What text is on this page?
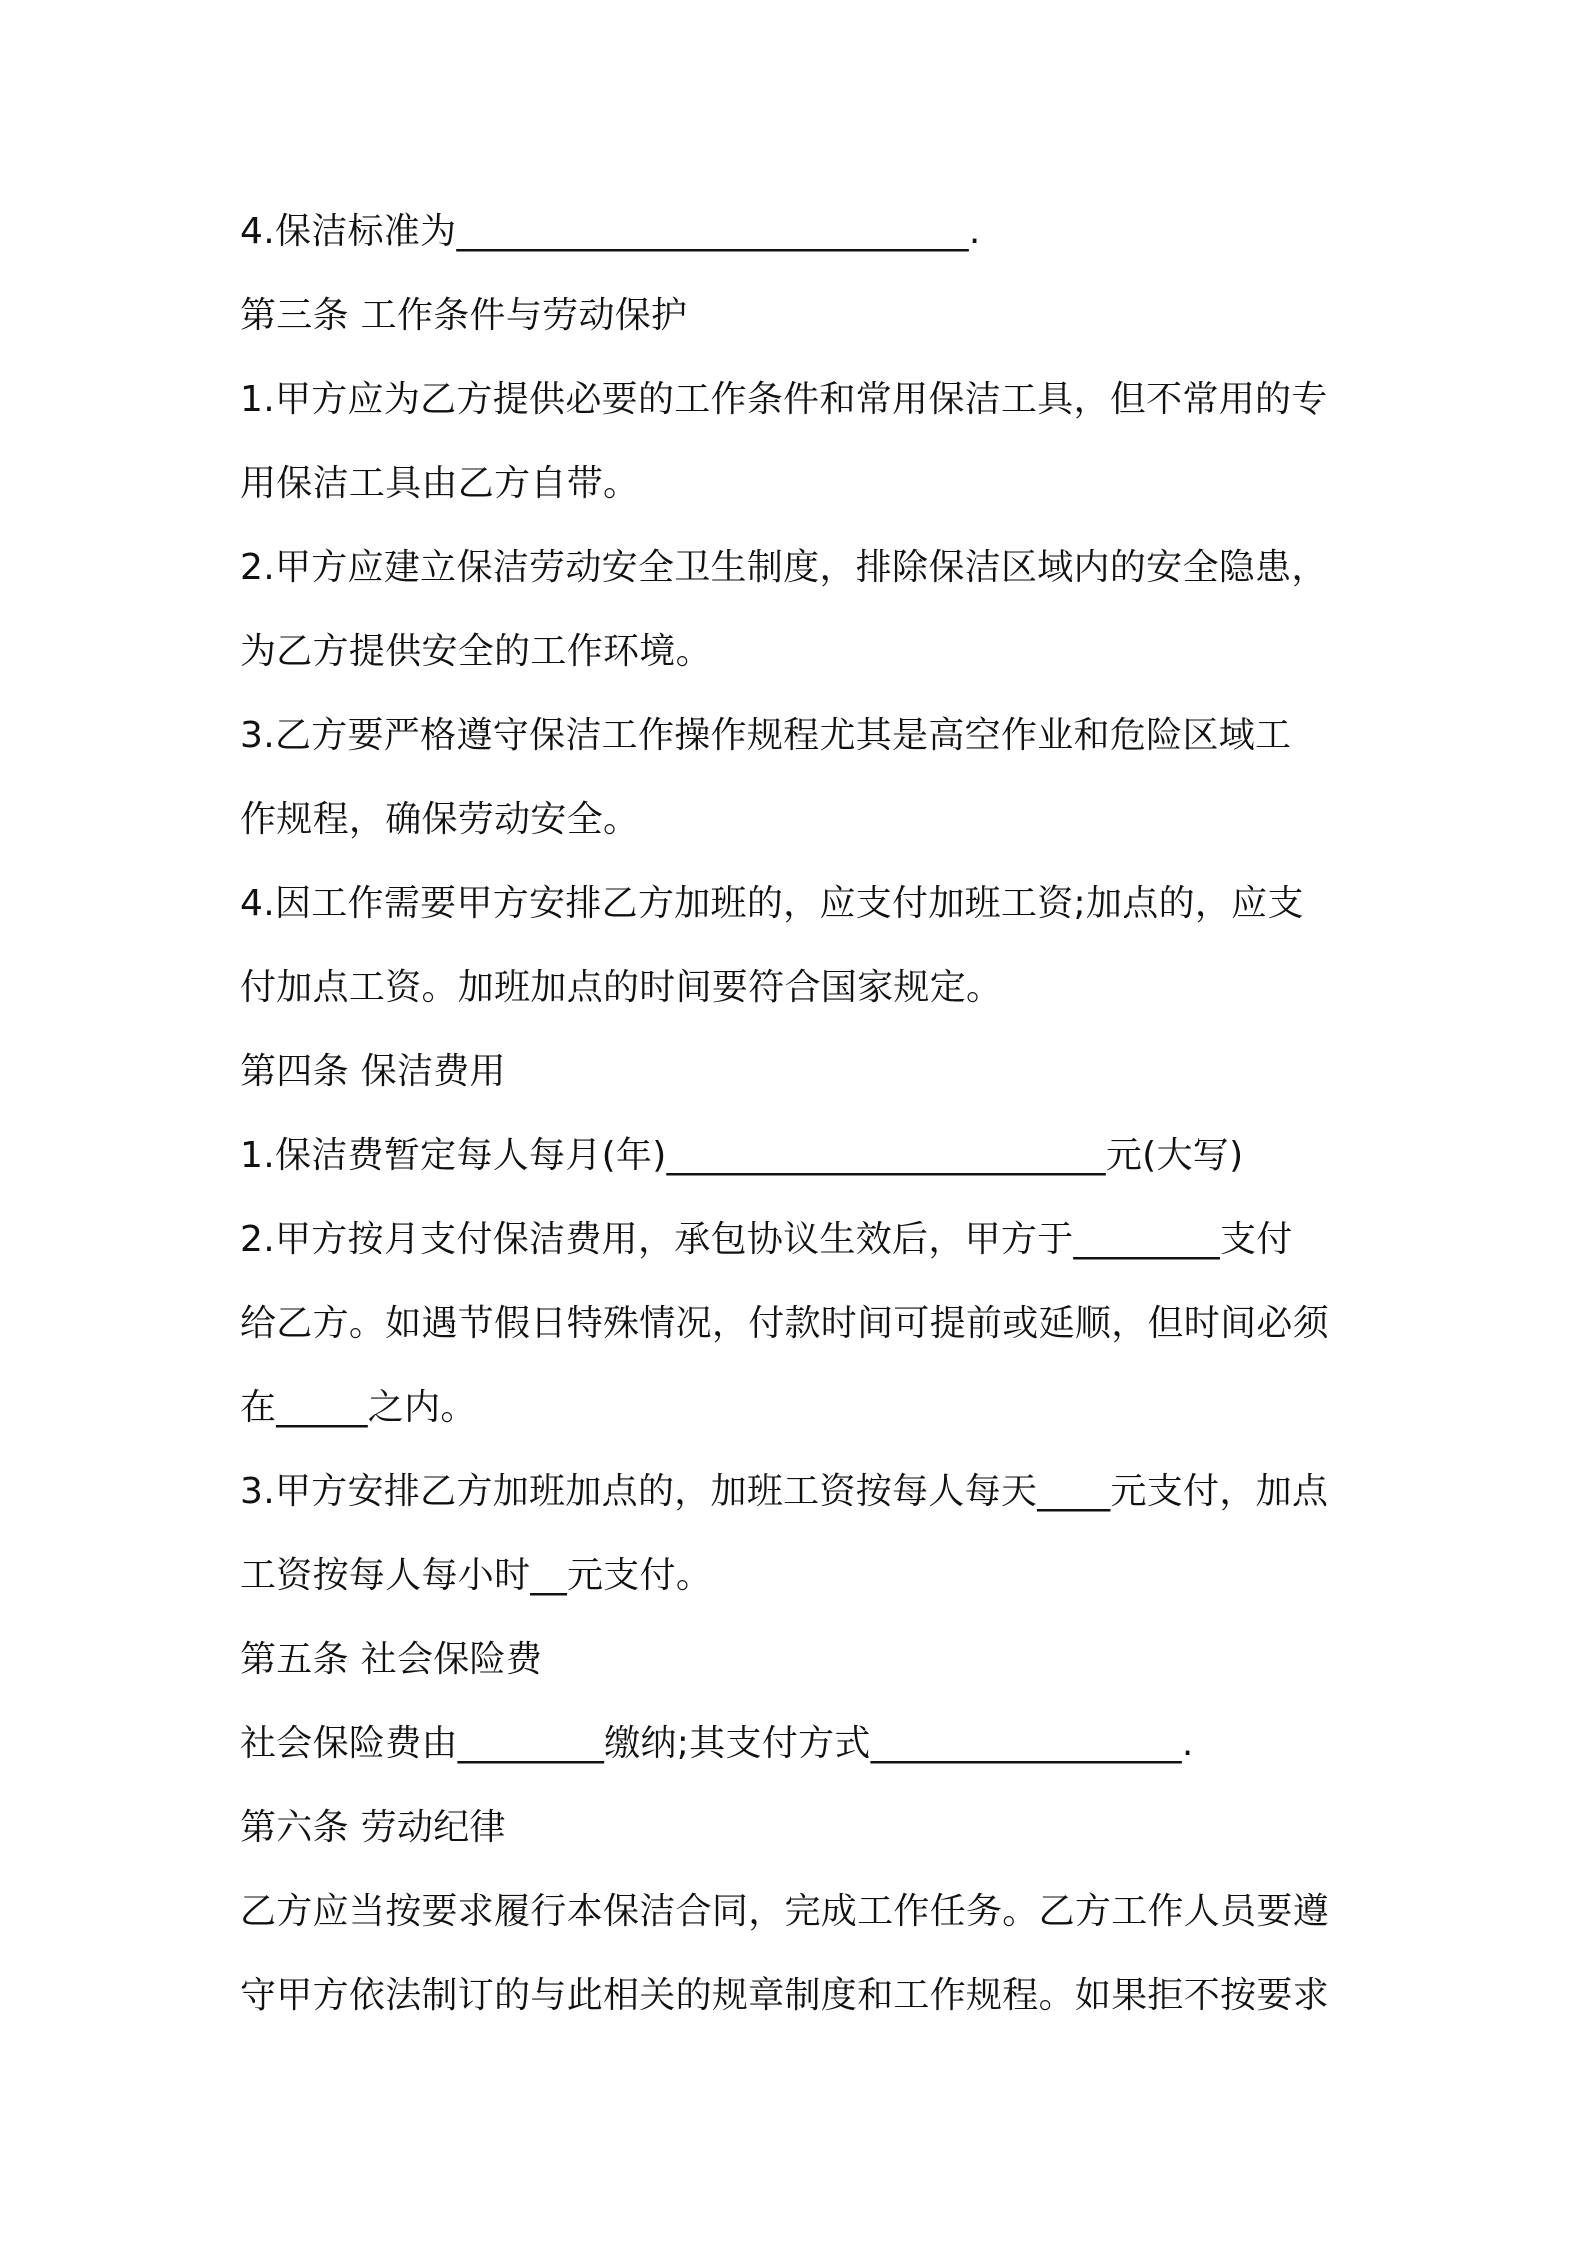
4.保洁标准为____________________________.
第三条 工作条件与劳动保护
1.甲方应为乙方提供必要的工作条件和常用保洁工具，但不常用的专
用保洁工具由乙方自带。
2.甲方应建立保洁劳动安全卫生制度，排除保洁区域内的安全隐患，
为乙方提供安全的工作环境。
3.乙方要严格遵守保洁工作操作规程尤其是高空作业和危险区域工
作规程，确保劳动安全。
4.因工作需要甲方安排乙方加班的，应支付加班工资;加点的，应支
付加点工资。加班加点的时间要符合国家规定。
第四条 保洁费用
1.保洁费暂定每人每月(年)________________________元(大写)
2.甲方按月支付保洁费用，承包协议生效后，甲方于________支付
给乙方。如遇节假日特殊情况，付款时间可提前或延顺，但时间必须
在_____之内。
3.甲方安排乙方加班加点的，加班工资按每人每天____元支付，加点
工资按每人每小时__元支付。
第五条 社会保险费
社会保险费由________缴纳;其支付方式_________________.
第六条 劳动纪律
乙方应当按要求履行本保洁合同，完成工作任务。乙方工作人员要遵
守甲方依法制订的与此相关的规章制度和工作规程。如果拒不按要求
